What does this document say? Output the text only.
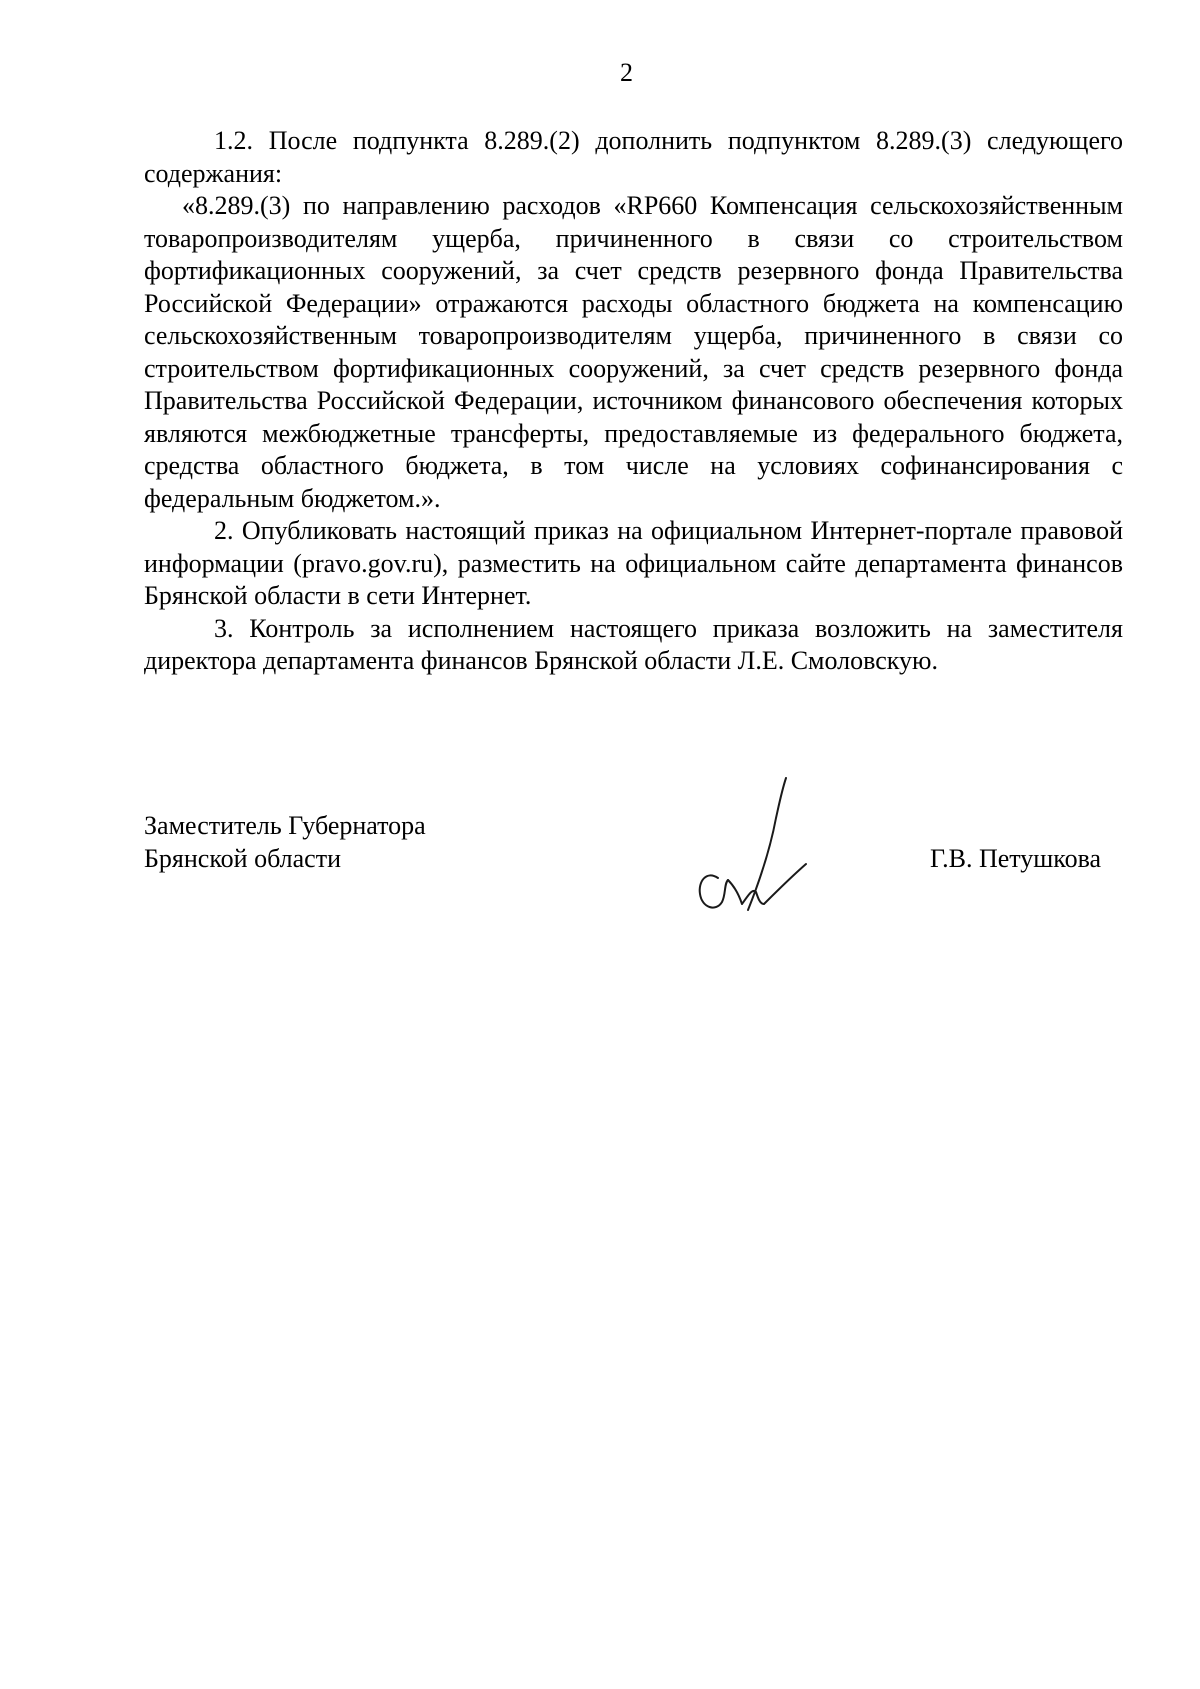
2

1.2. После подпункта 8.289.(2) дополнить подпунктом 8.289.(3) следующего содержания:

«8.289.(3) по направлению расходов «RP660 Компенсация сельскохозяйственным товаропроизводителям ущерба, причиненного в связи со строительством фортификационных сооружений, за счет средств резервного фонда Правительства Российской Федерации» отражаются расходы областного бюджета на компенсацию сельскохозяйственным товаропроизводителям ущерба, причиненного в связи со строительством фортификационных сооружений, за счет средств резервного фонда Правительства Российской Федерации, источником финансового обеспечения которых являются межбюджетные трансферты, предоставляемые из федерального бюджета, средства областного бюджета, в том числе на условиях софинансирования с федеральным бюджетом.».

2. Опубликовать настоящий приказ на официальном Интернет-портале правовой информации (pravo.gov.ru), разместить на официальном сайте департамента финансов Брянской области в сети Интернет.

3. Контроль за исполнением настоящего приказа возложить на заместителя директора департамента финансов Брянской области Л.Е. Смоловскую.

Заместитель Губернатора
Брянской области	Г.В. Петушкова
